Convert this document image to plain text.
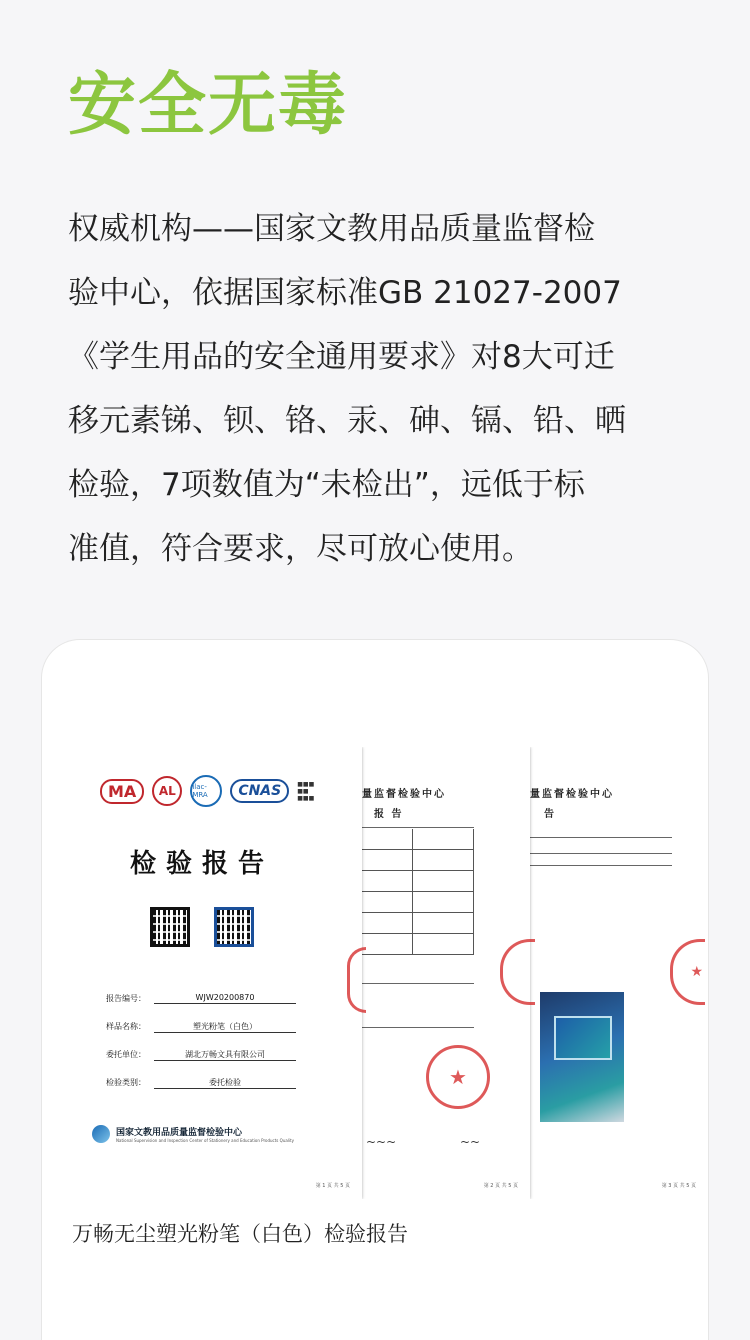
安全无毒
权威机构——国家文教用品质量监督检
验中心，依据国家标准GB 21027-2007
《学生用品的安全通用要求》对8大可迁
移元素锑、钡、铬、汞、砷、镉、铅、晒
检验，7项数值为“未检出”，远低于标
准值，符合要求，尽可放心使用。
MA	AL	ilac-MRA	CNAS	■■■ ■■ ■■■
检验报告
报告编号：	WJW20200870
样品名称：	塑光粉笔（白色）
委托单位：	湖北万畅文具有限公司
检验类别：	委托检验
国家文教用品质量监督检验中心
National Supervision and Inspection Center of Stationery and Education Products Quality
第 1 页 共 5 页
量监督检验中心
报 告
★
~~~	~~
第 2 页 共 5 页
量监督检验中心
告
★
第 3 页 共 5 页
万畅无尘塑光粉笔（白色）检验报告
